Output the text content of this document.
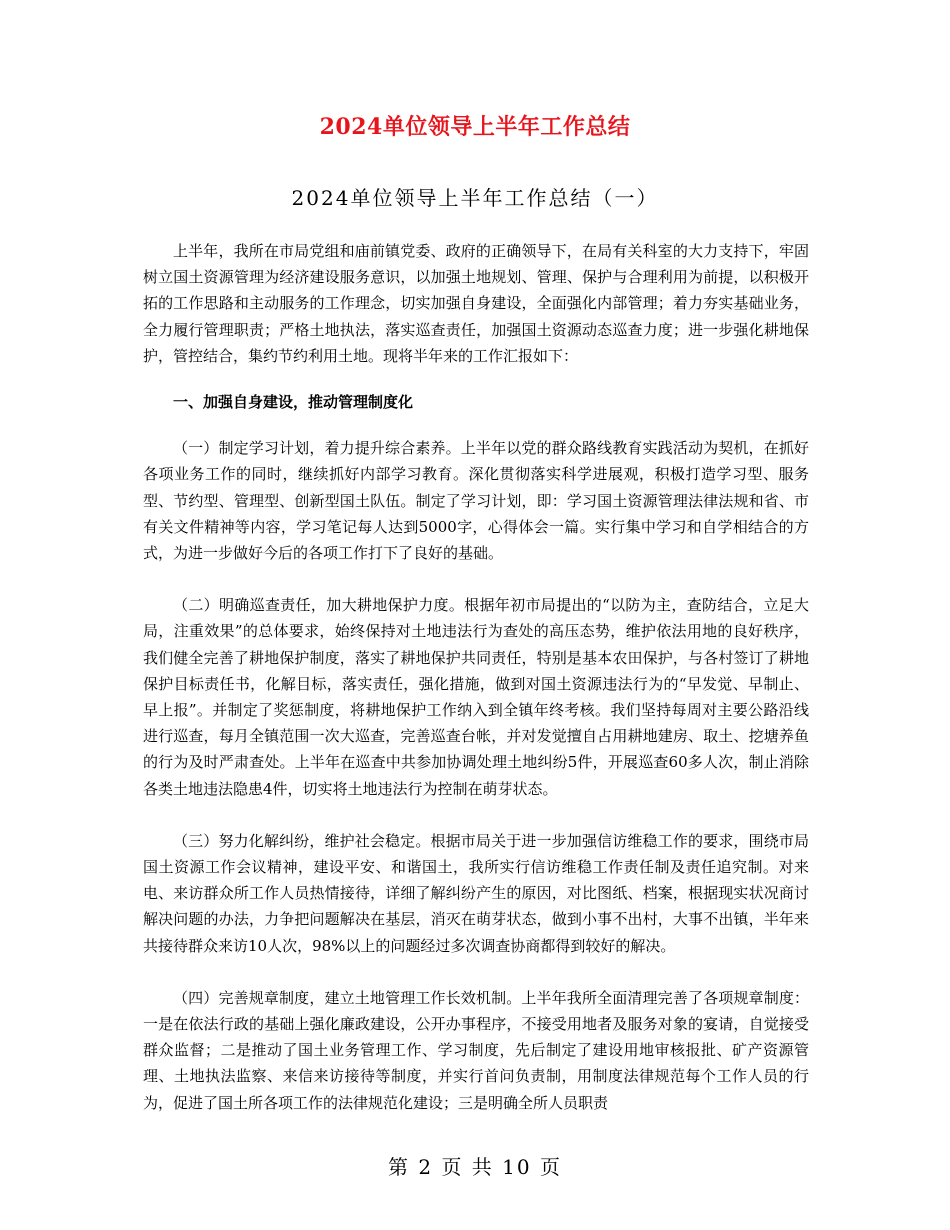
2024单位领导上半年工作总结
2024单位领导上半年工作总结（一）

上半年，我所在市局党组和庙前镇党委、政府的正确领导下，在局有关科室的大力支持下，牢固树立国土资源管理为经济建设服务意识，以加强土地规划、管理、保护与合理利用为前提，以积极开拓的工作思路和主动服务的工作理念，切实加强自身建设，全面强化内部管理；着力夯实基础业务，全力履行管理职责；严格土地执法，落实巡查责任，加强国土资源动态巡查力度；进一步强化耕地保护，管控结合，集约节约利用土地。现将半年来的工作汇报如下：

一、加强自身建设，推动管理制度化

（一）制定学习计划，着力提升综合素养。上半年以党的群众路线教育实践活动为契机，在抓好各项业务工作的同时，继续抓好内部学习教育。深化贯彻落实科学进展观，积极打造学习型、服务型、节约型、管理型、创新型国土队伍。制定了学习计划，即：学习国土资源管理法律法规和省、市有关文件精神等内容，学习笔记每人达到5000字，心得体会一篇。实行集中学习和自学相结合的方式，为进一步做好今后的各项工作打下了良好的基础。

（二）明确巡查责任，加大耕地保护力度。根据年初市局提出的“以防为主，查防结合，立足大局，注重效果”的总体要求，始终保持对土地违法行为查处的高压态势，维护依法用地的良好秩序，我们健全完善了耕地保护制度，落实了耕地保护共同责任，特别是基本农田保护，与各村签订了耕地保护目标责任书，化解目标，落实责任，强化措施，做到对国土资源违法行为的“早发觉、早制止、早上报”。并制定了奖惩制度，将耕地保护工作纳入到全镇年终考核。我们坚持每周对主要公路沿线进行巡查，每月全镇范围一次大巡查，完善巡查台帐，并对发觉擅自占用耕地建房、取土、挖塘养鱼的行为及时严肃查处。上半年在巡查中共参加协调处理土地纠纷5件，开展巡查60多人次，制止消除各类土地违法隐患4件，切实将土地违法行为控制在萌芽状态。

（三）努力化解纠纷，维护社会稳定。根据市局关于进一步加强信访维稳工作的要求，围绕市局国土资源工作会议精神，建设平安、和谐国土，我所实行信访维稳工作责任制及责任追究制。对来电、来访群众所工作人员热情接待，详细了解纠纷产生的原因，对比图纸、档案，根据现实状况商讨解决问题的办法，力争把问题解决在基层，消灭在萌芽状态，做到小事不出村，大事不出镇，半年来共接待群众来访10人次，98%以上的问题经过多次调查协商都得到较好的解决。

（四）完善规章制度，建立土地管理工作长效机制。上半年我所全面清理完善了各项规章制度：一是在依法行政的基础上强化廉政建设，公开办事程序，不接受用地者及服务对象的宴请，自觉接受群众监督；二是推动了国土业务管理工作、学习制度，先后制定了建设用地审核报批、矿产资源管理、土地执法监察、来信来访接待等制度，并实行首问负责制，用制度法律规范每个工作人员的行为，促进了国土所各项工作的法律规范化建设；三是明确全所人员职责

第 2 页 共 10 页
